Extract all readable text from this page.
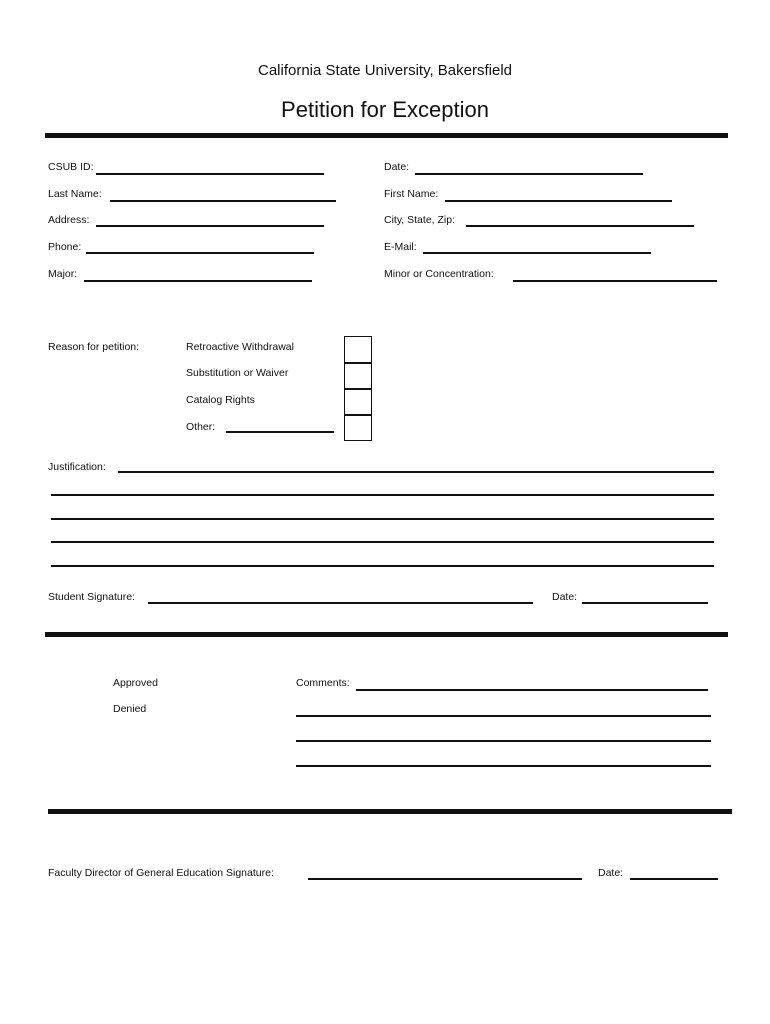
California State University, Bakersfield
Petition for Exception
CSUB ID:	Date:
Last Name:	First Name:
Address:	City, State, Zip:
Phone:	E-Mail:
Major:	Minor or Concentration:
Reason for petition:	Retroactive Withdrawal
Substitution or Waiver
Catalog Rights
Other:
Justification:
Student Signature:	Date:
Approved
Denied
Comments:
Faculty Director of General Education Signature:	Date:
